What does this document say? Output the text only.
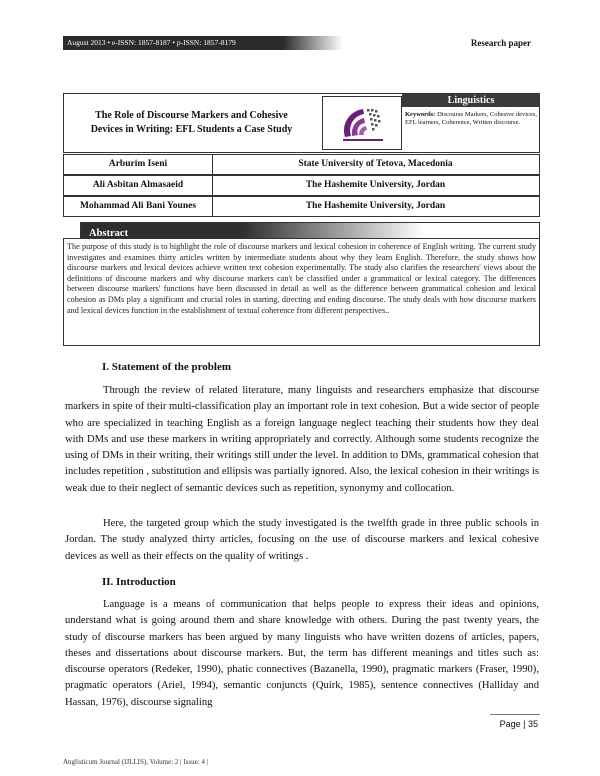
August 2013 • e-ISSN: 1857-8187 • p-ISSN: 1857-8179	Research paper
The Role of Discourse Markers and Cohesive
Devices in Writing: EFL Students a Case Study
Linguistics
Keywords: Discourse Markers, Cohesive devices, EFL learners, Coherence, Written discourse.
Arburim Iseni	State University of Tetova, Macedonia
Ali Asbitan Almasaeid	The Hashemite University, Jordan
Mohammad Ali Bani Younes	The Hashemite University, Jordan
Abstract
The purpose of this study is to highlight the role of discourse markers and lexical cohesion in coherence of English writing. The current study investigates and examines thirty articles written by intermediate students about why they learn English. Therefore, the study shows how discourse markers and lexical devices achieve written text cohesion experimentally. The study also clarifies the researchers' views about the definitions of discourse markers and why discourse markers can't be classified under a grammatical or lexical category. The differences between discourse markers' functions have been discussed in detail as well as the difference between grammatical cohesion and lexical cohesion as DMs play a significant and crucial roles in starting, directing and ending discourse. The study deals with how discourse markers and lexical devices function in the establishment of textual coherence from different perspectives..
I. Statement of the problem
Through the review of related literature, many linguists and researchers emphasize that discourse markers in spite of their multi-classification play an important role in text cohesion. But a wide sector of people who are specialized in teaching English as a foreign language neglect teaching their students how they deal with DMs and use these markers in writing appropriately and correctly. Although some students recognize the using of DMs in their writing, their writings still under the level. In addition to DMs, grammatical cohesion that includes repetition , substitution and ellipsis was partially ignored. Also, the lexical cohesion in their writings is weak due to their neglect of semantic devices such as repetition, synonymy and collocation.
Here, the targeted group which the study investigated is the twelfth grade in three public schools in Jordan. The study analyzed thirty articles, focusing on the use of discourse markers and lexical cohesive devices as well as their effects on the quality of writings .
II. Introduction
Language is a means of communication that helps people to express their ideas and opinions, understand what is going around them and share knowledge with others. During the past twenty years, the study of discourse markers has been argued by many linguists who have written dozens of articles, papers, theses and dissertations about discourse markers. But, the term has different meanings and titles such as: discourse operators (Redeker, 1990), phatic connectives (Bazanella, 1990), pragmatic markers (Fraser, 1990), pragmatic operators (Ariel, 1994), semantic conjuncts (Quirk, 1985), sentence connectives (Halliday and Hassan, 1976), discourse signaling
Page | 35
Anglisticum Journal (IJLLIS), Volume: 2 | Issue: 4 |
